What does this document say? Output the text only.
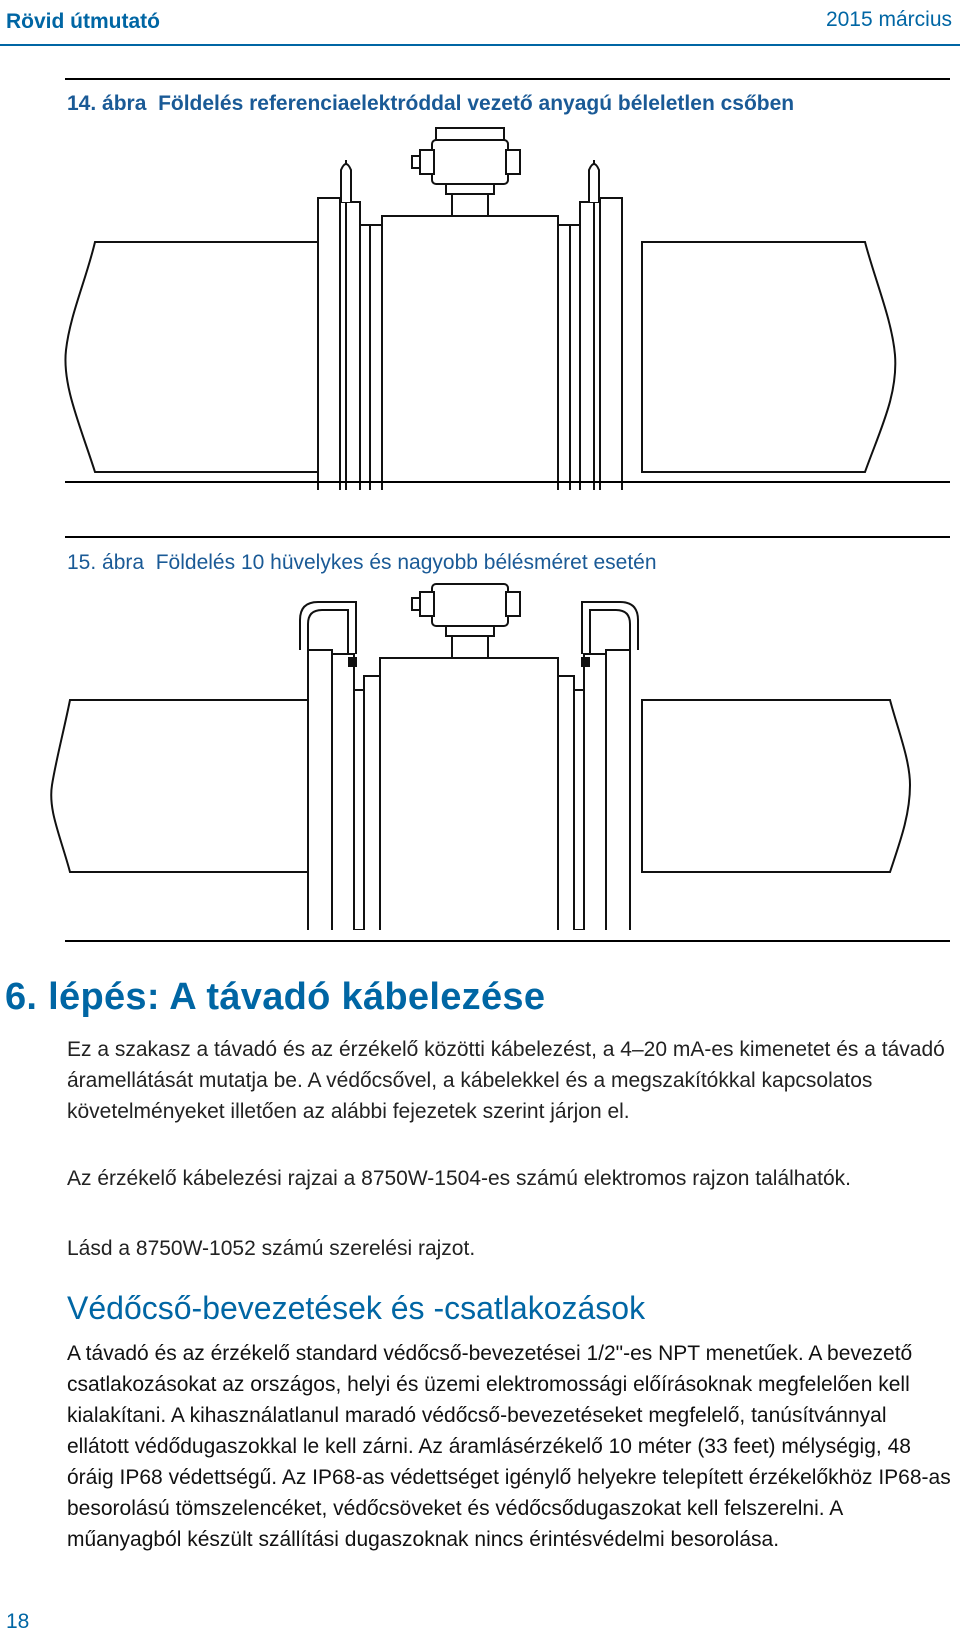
Rövid útmutató	2015 március
14. ábra Földelés referenciaelektróddal vezető anyagú béleletlen csőben
15. ábra Földelés 10 hüvelykes és nagyobb bélésméret esetén
6. lépés: A távadó kábelezése

Ez a szakasz a távadó és az érzékelő közötti kábelezést, a 4–20 mA-es kimenetet és a távadó áramellátását mutatja be. A védőcsővel, a kábelekkel és a megszakítókkal kapcsolatos követelményeket illetően az alábbi fejezetek szerint járjon el.

Az érzékelő kábelezési rajzai a 8750W-1504-es számú elektromos rajzon találhatók.

Lásd a 8750W-1052 számú szerelési rajzot.

Védőcső-bevezetések és -csatlakozások

A távadó és az érzékelő standard védőcső-bevezetései 1/2"-es NPT menetűek. A bevezető csatlakozásokat az országos, helyi és üzemi elektromossági előírásoknak megfelelően kell kialakítani. A kihasználatlanul maradó védőcső-bevezetéseket megfelelő, tanúsítvánnyal ellátott védődugaszokkal le kell zárni. Az áramlásérzékelő 10 méter (33 feet) mélységig, 48 óráig IP68 védettségű. Az IP68-as védettséget igénylő helyekre telepített érzékelőkhöz IP68-as besorolású tömszelencéket, védőcsöveket és védőcsődugaszokat kell felszerelni. A műanyagból készült szállítási dugaszoknak nincs érintésvédelmi besorolása.

18
